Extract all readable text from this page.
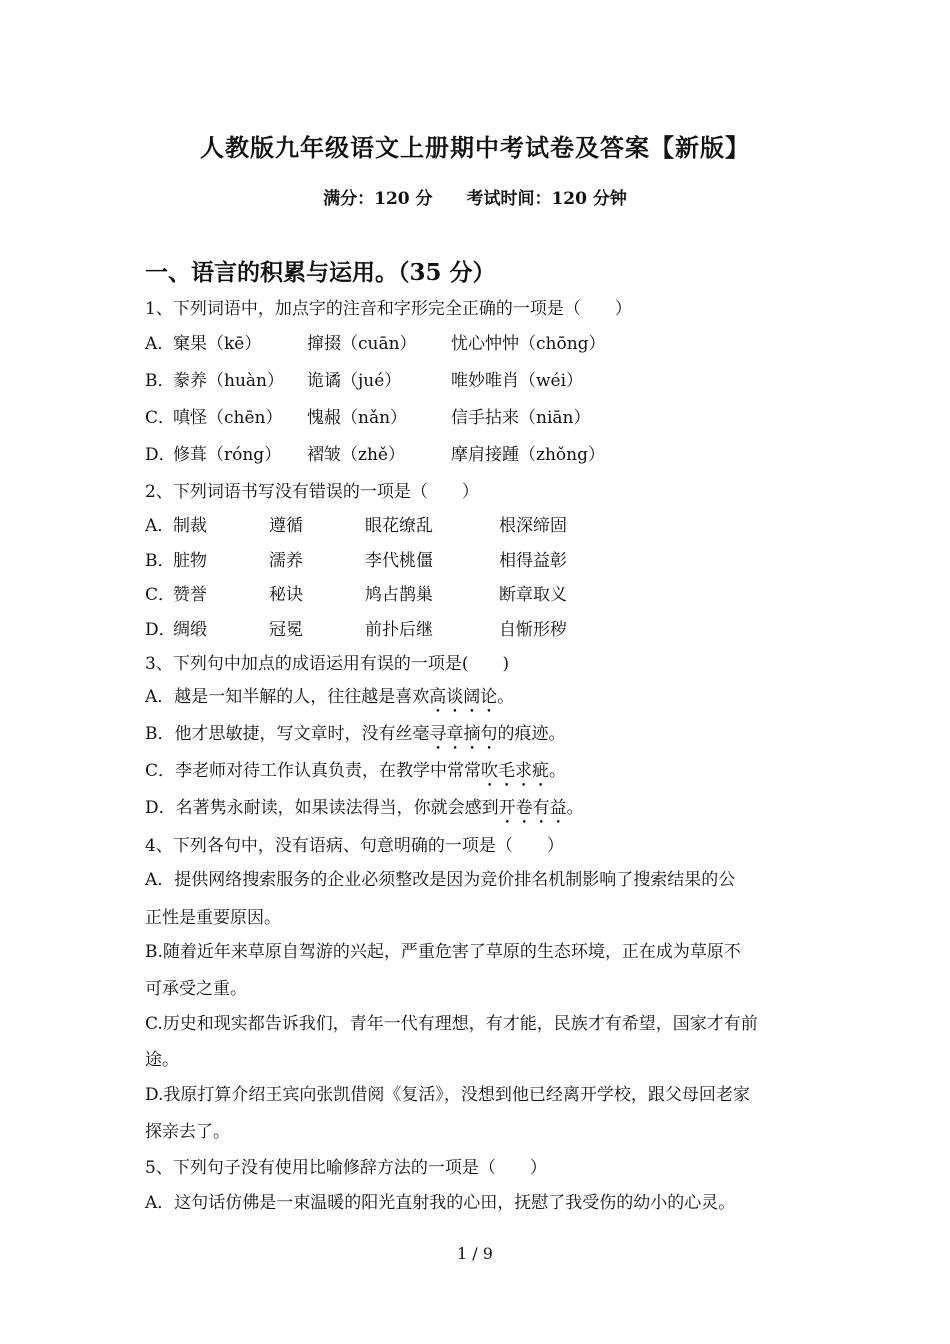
人教版九年级语文上册期中考试卷及答案【新版】
满分：120 分 考试时间：120 分钟
一、语言的积累与运用。（35 分）
1、下列词语中，加点字的注音和字形完全正确的一项是（　　）
A．
窠果（kē）	撺掇（cuān） 忧心忡忡（chōng）
B．
豢养（huàn） 诡谲（jué）	唯妙唯肖（wéi）
C．
嗔怪（chēn） 愧赧（nǎn）	信手拈来（niān）
D．
修葺（róng） 褶皱（zhě）	摩肩接踵（zhǒng）
2、下列词语书写没有错误的一项是（　　）
A．
制裁	遵循	眼花缭乱	根深缔固
B．
脏物	濡养	李代桃僵	相得益彰
C．
赞誉	秘诀	鸠占鹊巢	断章取义
D．
绸缎	冠冕	前扑后继	自惭形秽
3、下列句中加点的成语运用有误的一项是(　　)
A．越是一知半解的人，往往越是喜欢高谈阔论。
B．他才思敏捷，写文章时，没有丝毫寻章摘句的痕迹。
C．李老师对待工作认真负责，在教学中常常吹毛求疵。
D．名著隽永耐读，如果读法得当，你就会感到开卷有益。
4、下列各句中，没有语病、句意明确的一项是（　　）
A．提供网络搜索服务的企业必须整改是因为竞价排名机制影响了搜索结果的公
正性是重要原因。
B.随着近年来草原自驾游的兴起，严重危害了草原的生态环境，正在成为草原不
可承受之重。
C.历史和现实都告诉我们，青年一代有理想，有才能，民族才有希望，国家才有前
途。
D.我原打算介绍王宾向张凯借阅《复活》，没想到他已经离开学校，跟父母回老家
探亲去了。
5、下列句子没有使用比喻修辞方法的一项是（　　）
A．这句话仿佛是一束温暖的阳光直射我的心田，抚慰了我受伤的幼小的心灵。
1 / 9
